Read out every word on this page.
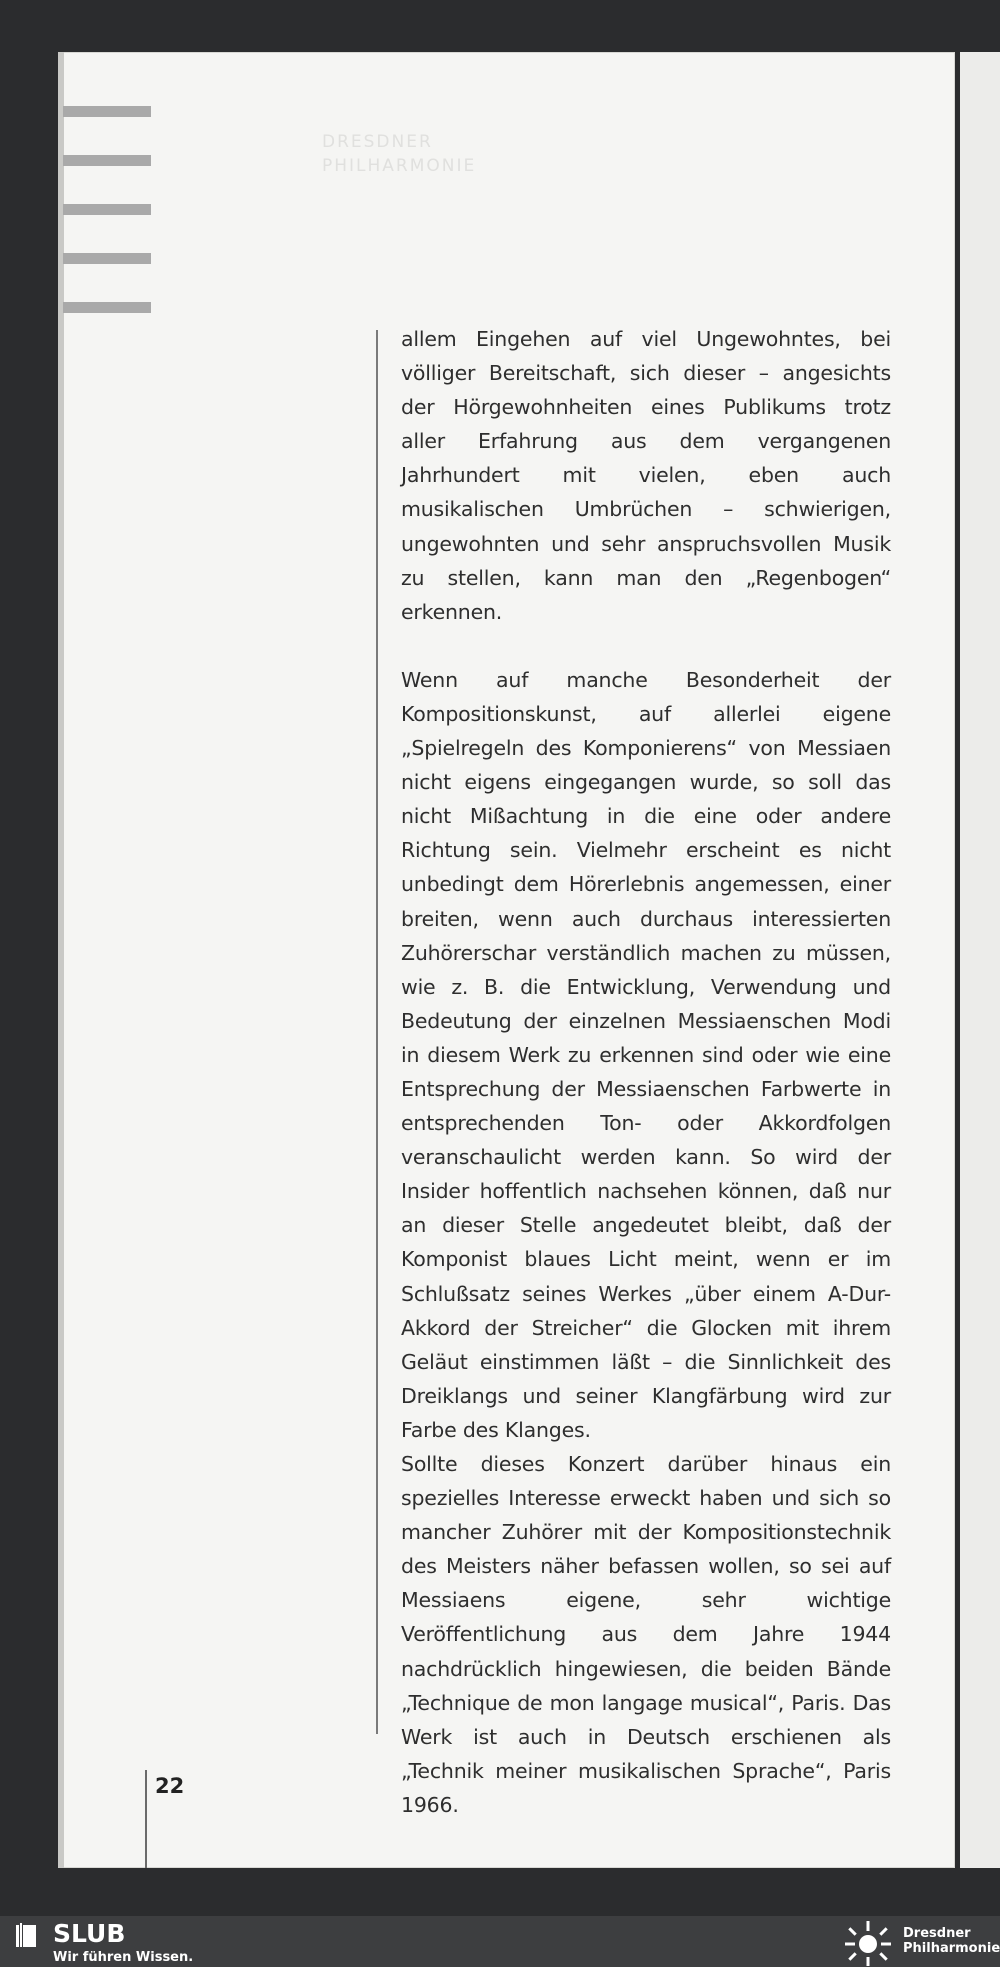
DRESDNER
PHILHARMONIE

allem Eingehen auf viel Ungewohntes, bei völliger Bereitschaft, sich dieser – angesichts der Hörgewohnheiten eines Publikums trotz aller Erfahrung aus dem vergangenen Jahrhundert mit vielen, eben auch musikalischen Umbrüchen – schwierigen, ungewohnten und sehr anspruchsvollen Musik zu stellen, kann man den „Regenbogen“ erkennen.

Wenn auf manche Besonderheit der Kompositionskunst, auf allerlei eigene „Spielregeln des Komponierens“ von Messiaen nicht eigens eingegangen wurde, so soll das nicht Mißachtung in die eine oder andere Richtung sein. Vielmehr erscheint es nicht unbedingt dem Hörerlebnis angemessen, einer breiten, wenn auch durchaus interessierten Zuhörerschar verständlich machen zu müssen, wie z. B. die Entwicklung, Verwendung und Bedeutung der einzelnen Messiaenschen Modi in diesem Werk zu erkennen sind oder wie eine Entsprechung der Messiaenschen Farbwerte in entsprechenden Ton- oder Akkordfolgen veranschaulicht werden kann. So wird der Insider hoffentlich nachsehen können, daß nur an dieser Stelle angedeutet bleibt, daß der Komponist blaues Licht meint, wenn er im Schlußsatz seines Werkes „über einem A-Dur-Akkord der Streicher“ die Glocken mit ihrem Geläut einstimmen läßt – die Sinnlichkeit des Dreiklangs und seiner Klangfärbung wird zur Farbe des Klanges.

Sollte dieses Konzert darüber hinaus ein spezielles Interesse erweckt haben und sich so mancher Zuhörer mit der Kompositionstechnik des Meisters näher befassen wollen, so sei auf Messiaens eigene, sehr wichtige Veröffentlichung aus dem Jahre 1944 nachdrücklich hingewiesen, die beiden Bände „Technique de mon langage musical“, Paris. Das Werk ist auch in Deutsch erschienen als „Technik meiner musikalischen Sprache“, Paris 1966.

22
SLUB
Wir führen Wissen.
Dresdner
Philharmonie
